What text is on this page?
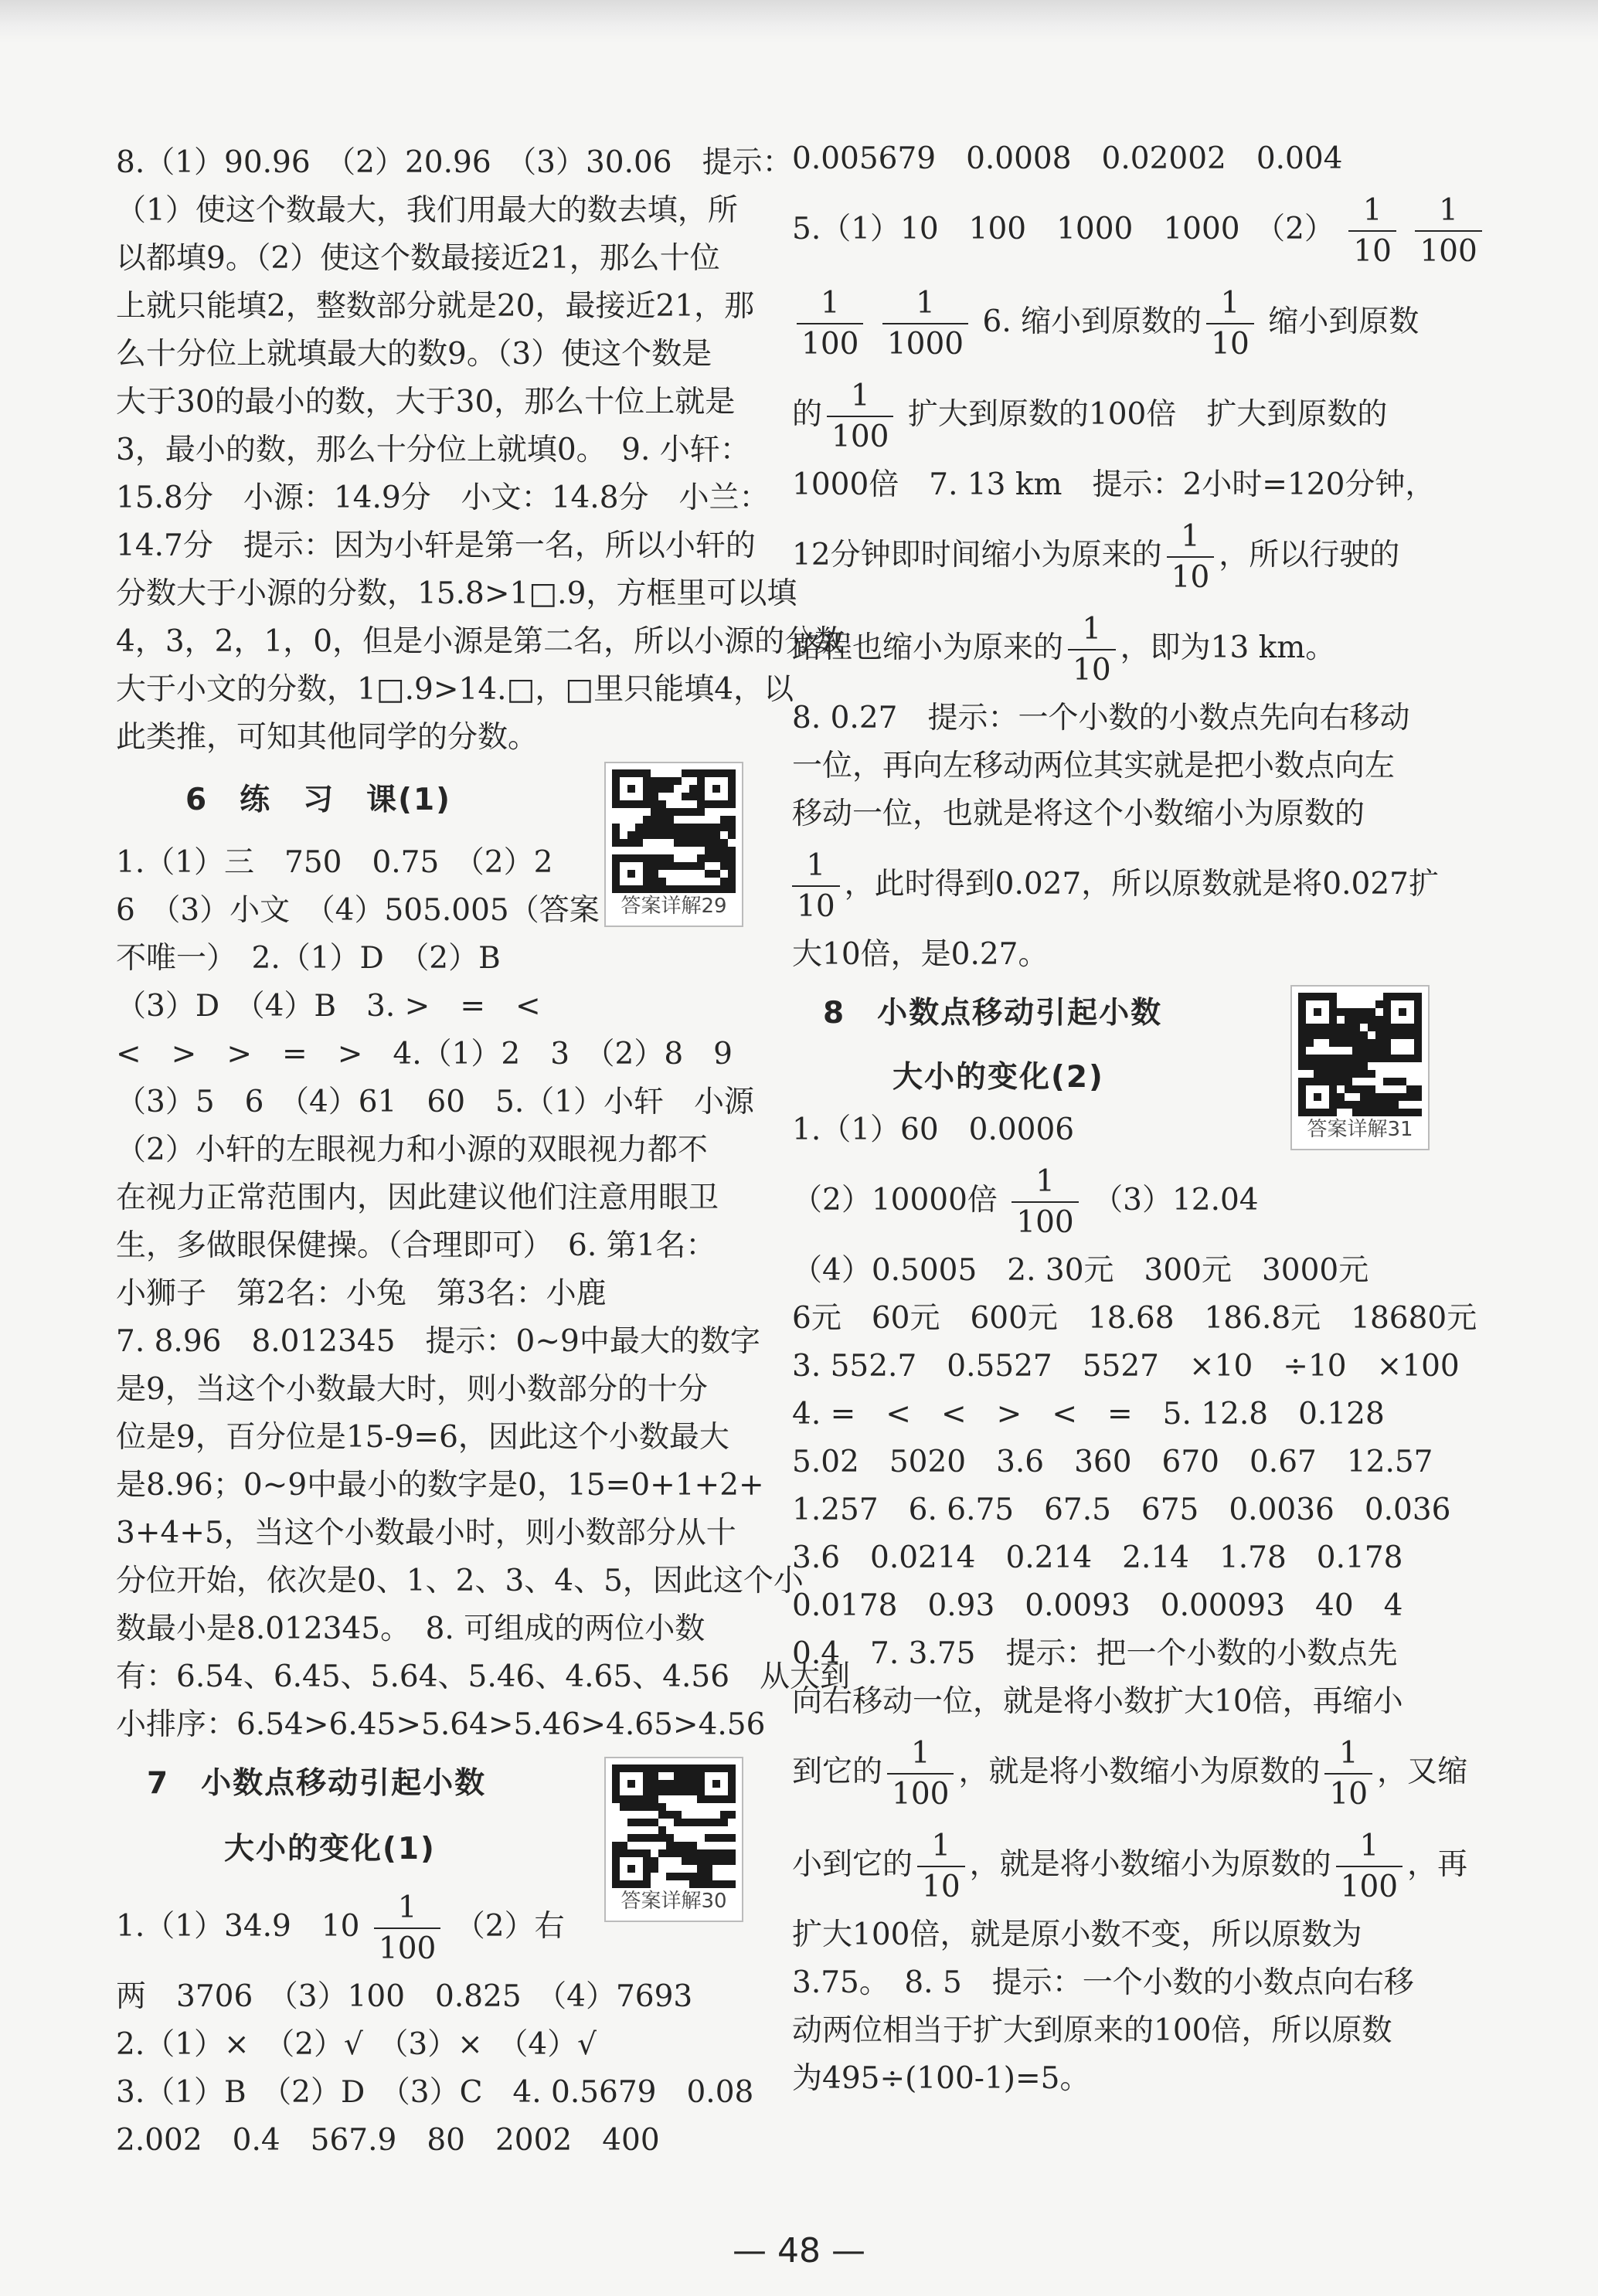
8.（1）90.96　（2）20.96　（3）30.06　提示：
（1）使这个数最大，我们用最大的数去填，所
以都填9。（2）使这个数最接近21，那么十位
上就只能填2，整数部分就是20，最接近21，那
么十分位上就填最大的数9。（3）使这个数是
大于30的最小的数，大于30，那么十位上就是
3，最小的数，那么十分位上就填0。　9. 小轩：
15.8分　小源：14.9分　小文：14.8分　小兰：
14.7分　提示：因为小轩是第一名，所以小轩的
分数大于小源的分数，15.8>1□.9，方框里可以填
4，3，2，1，0，但是小源是第二名，所以小源的分数
大于小文的分数，1□.9>14.□，□里只能填4，以
此类推，可知其他同学的分数。

6　练　习　课(1)
答案详解29

1.（1）三　750　0.75　（2）2
6　（3）小文　（4）505.005（答案
不唯一）　2.（1）D　（2）B
（3）D　（4）B　3. >　=　<
<　>　>　=　>　4.（1）2　3　（2）8　9
（3）5　6　（4）61　60　5.（1）小轩　小源
（2）小轩的左眼视力和小源的双眼视力都不
在视力正常范围内，因此建议他们注意用眼卫
生，多做眼保健操。（合理即可）　6. 第1名：
小狮子　第2名：小兔　第3名：小鹿
7. 8.96　8.012345　提示：0~9中最大的数字
是9，当这个小数最大时，则小数部分的十分
位是9，百分位是15-9=6，因此这个小数最大
是8.96；0~9中最小的数字是0，15=0+1+2+
3+4+5，当这个小数最小时，则小数部分从十
分位开始，依次是0、1、2、3、4、5，因此这个小
数最小是8.012345。　8. 可组成的两位小数
有：6.54、6.45、5.64、5.46、4.65、4.56　从大到
小排序：6.54>6.45>5.64>5.46>4.65>4.56

7　小数点移动引起小数
大小的变化(1)
答案详解30
1.（1）34.9　$10 \frac{1}{100} (2)$右

两　3706　（3）100　0.825　（4）7693
2.（1）×　（2）√　（3）×　（4）√
3.（1）B　（2）D　（3）C　4. 0.5679　0.08
2.002　0.4　567.9　80　2002　400

0.005679　0.0008　0.02002　0.004
5.（1）10　100　1000　1000　$(2) \frac{1}{10}$
$\frac{1}{100}$
$\frac{1}{100}$
$\frac{1}{1000} 6$. 缩小到原数的 $\frac{1}{10}$ 缩小到原数
的 $\frac{1}{100}$ 扩大到原数的100倍　扩大到原数的
1000倍　7. 13 km　提示：2小时=120分钟，
12分钟即时间缩小为原来的 $\frac{1}{10}$ ，所以行驶的
路程也缩小为原来的 $\frac{1}{10}$ ，即为13 km。
8. 0.27　提示：一个小数的小数点先向右移动
一位，再向左移动两位其实就是把小数点向左
移动一位，也就是将这个小数缩小为原数的
$\frac{1}{10}$ ，此时得到0.027，所以原数就是将0.027扩
大10倍，是0.27。
8　小数点移动引起小数
大小的变化(2)
答案详解31
1.（1）60　0.0006
（2）10000倍 $\frac{1}{100} (3)12.04$

（4）0.5005　2. 30元　300元　3000元
6元　60元　600元　18.68　186.8元　18680元
3. 552.7　0.5527　5527　×10　÷10　×100
4. =　<　<　>　<　=　5. 12.8　0.128
5.02　5020　3.6　360　670　0.67　12.57
1.257　6. 6.75　67.5　675　0.0036　0.036
3.6　0.0214　0.214　2.14　1.78　0.178
0.0178　0.93　0.0093　0.00093　40　4
0.4　7. 3.75　提示：把一个小数的小数点先
向右移动一位，就是将小数扩大10倍，再缩小

到它的 $\frac{1}{100}$ ，就是将小数缩小为原数的 $\frac{1}{10}$ ，又缩
小到它的 $\frac{1}{10}$ ，就是将小数缩小为原数的 $\frac{1}{100}$ ，再

扩大100倍，就是原小数不变，所以原数为
3.75。　8. 5　提示：一个小数的小数点向右移
动两位相当于扩大到原来的100倍，所以原数
为495÷(100-1)=5。

— 48 —
